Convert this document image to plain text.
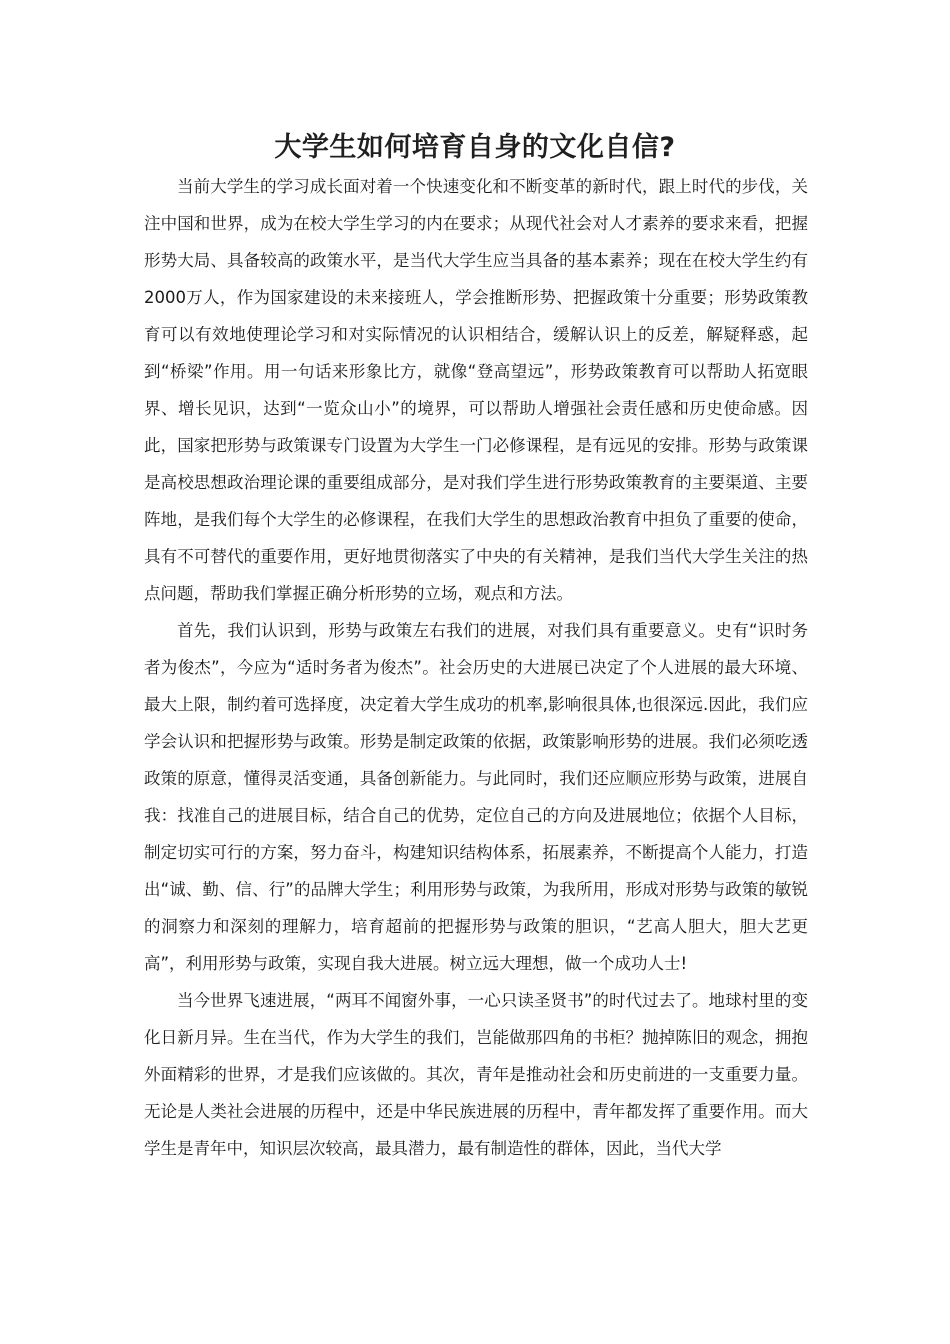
大学生如何培育自身的文化自信?

当前大学生的学习成长面对着一个快速变化和不断变革的新时代，跟上时代的步伐，关注中国和世界，成为在校大学生学习的内在要求；从现代社会对人才素养的要求来看，把握形势大局、具备较高的政策水平，是当代大学生应当具备的基本素养；现在在校大学生约有2000万人，作为国家建设的未来接班人，学会推断形势、把握政策十分重要；形势政策教育可以有效地使理论学习和对实际情况的认识相结合，缓解认识上的反差，解疑释惑，起到“桥梁”作用。用一句话来形象比方，就像“登高望远”，形势政策教育可以帮助人拓宽眼界、增长见识，达到“一览众山小”的境界，可以帮助人增强社会责任感和历史使命感。因此，国家把形势与政策课专门设置为大学生一门必修课程，是有远见的安排。形势与政策课是高校思想政治理论课的重要组成部分，是对我们学生进行形势政策教育的主要渠道、主要阵地，是我们每个大学生的必修课程，在我们大学生的思想政治教育中担负了重要的使命，具有不可替代的重要作用，更好地贯彻落实了中央的有关精神，是我们当代大学生关注的热点问题，帮助我们掌握正确分析形势的立场，观点和方法。

首先，我们认识到，形势与政策左右我们的进展，对我们具有重要意义。史有“识时务者为俊杰”，今应为“适时务者为俊杰”。社会历史的大进展已决定了个人进展的最大环境、最大上限，制约着可选择度，决定着大学生成功的机率,影响很具体,也很深远.因此，我们应学会认识和把握形势与政策。形势是制定政策的依据，政策影响形势的进展。我们必须吃透政策的原意，懂得灵活变通，具备创新能力。与此同时，我们还应顺应形势与政策，进展自我：找准自己的进展目标，结合自己的优势，定位自己的方向及进展地位；依据个人目标，制定切实可行的方案，努力奋斗，构建知识结构体系，拓展素养，不断提高个人能力，打造出“诚、勤、信、行”的品牌大学生；利用形势与政策，为我所用，形成对形势与政策的敏锐的洞察力和深刻的理解力，培育超前的把握形势与政策的胆识，“艺高人胆大，胆大艺更高”，利用形势与政策，实现自我大进展。树立远大理想，做一个成功人士!

当今世界飞速进展，“两耳不闻窗外事，一心只读圣贤书”的时代过去了。地球村里的变化日新月异。生在当代，作为大学生的我们，岂能做那四角的书柜？抛掉陈旧的观念，拥抱外面精彩的世界，才是我们应该做的。其次，青年是推动社会和历史前进的一支重要力量。无论是人类社会进展的历程中，还是中华民族进展的历程中，青年都发挥了重要作用。而大学生是青年中，知识层次较高，最具潜力，最有制造性的群体，因此，当代大学
